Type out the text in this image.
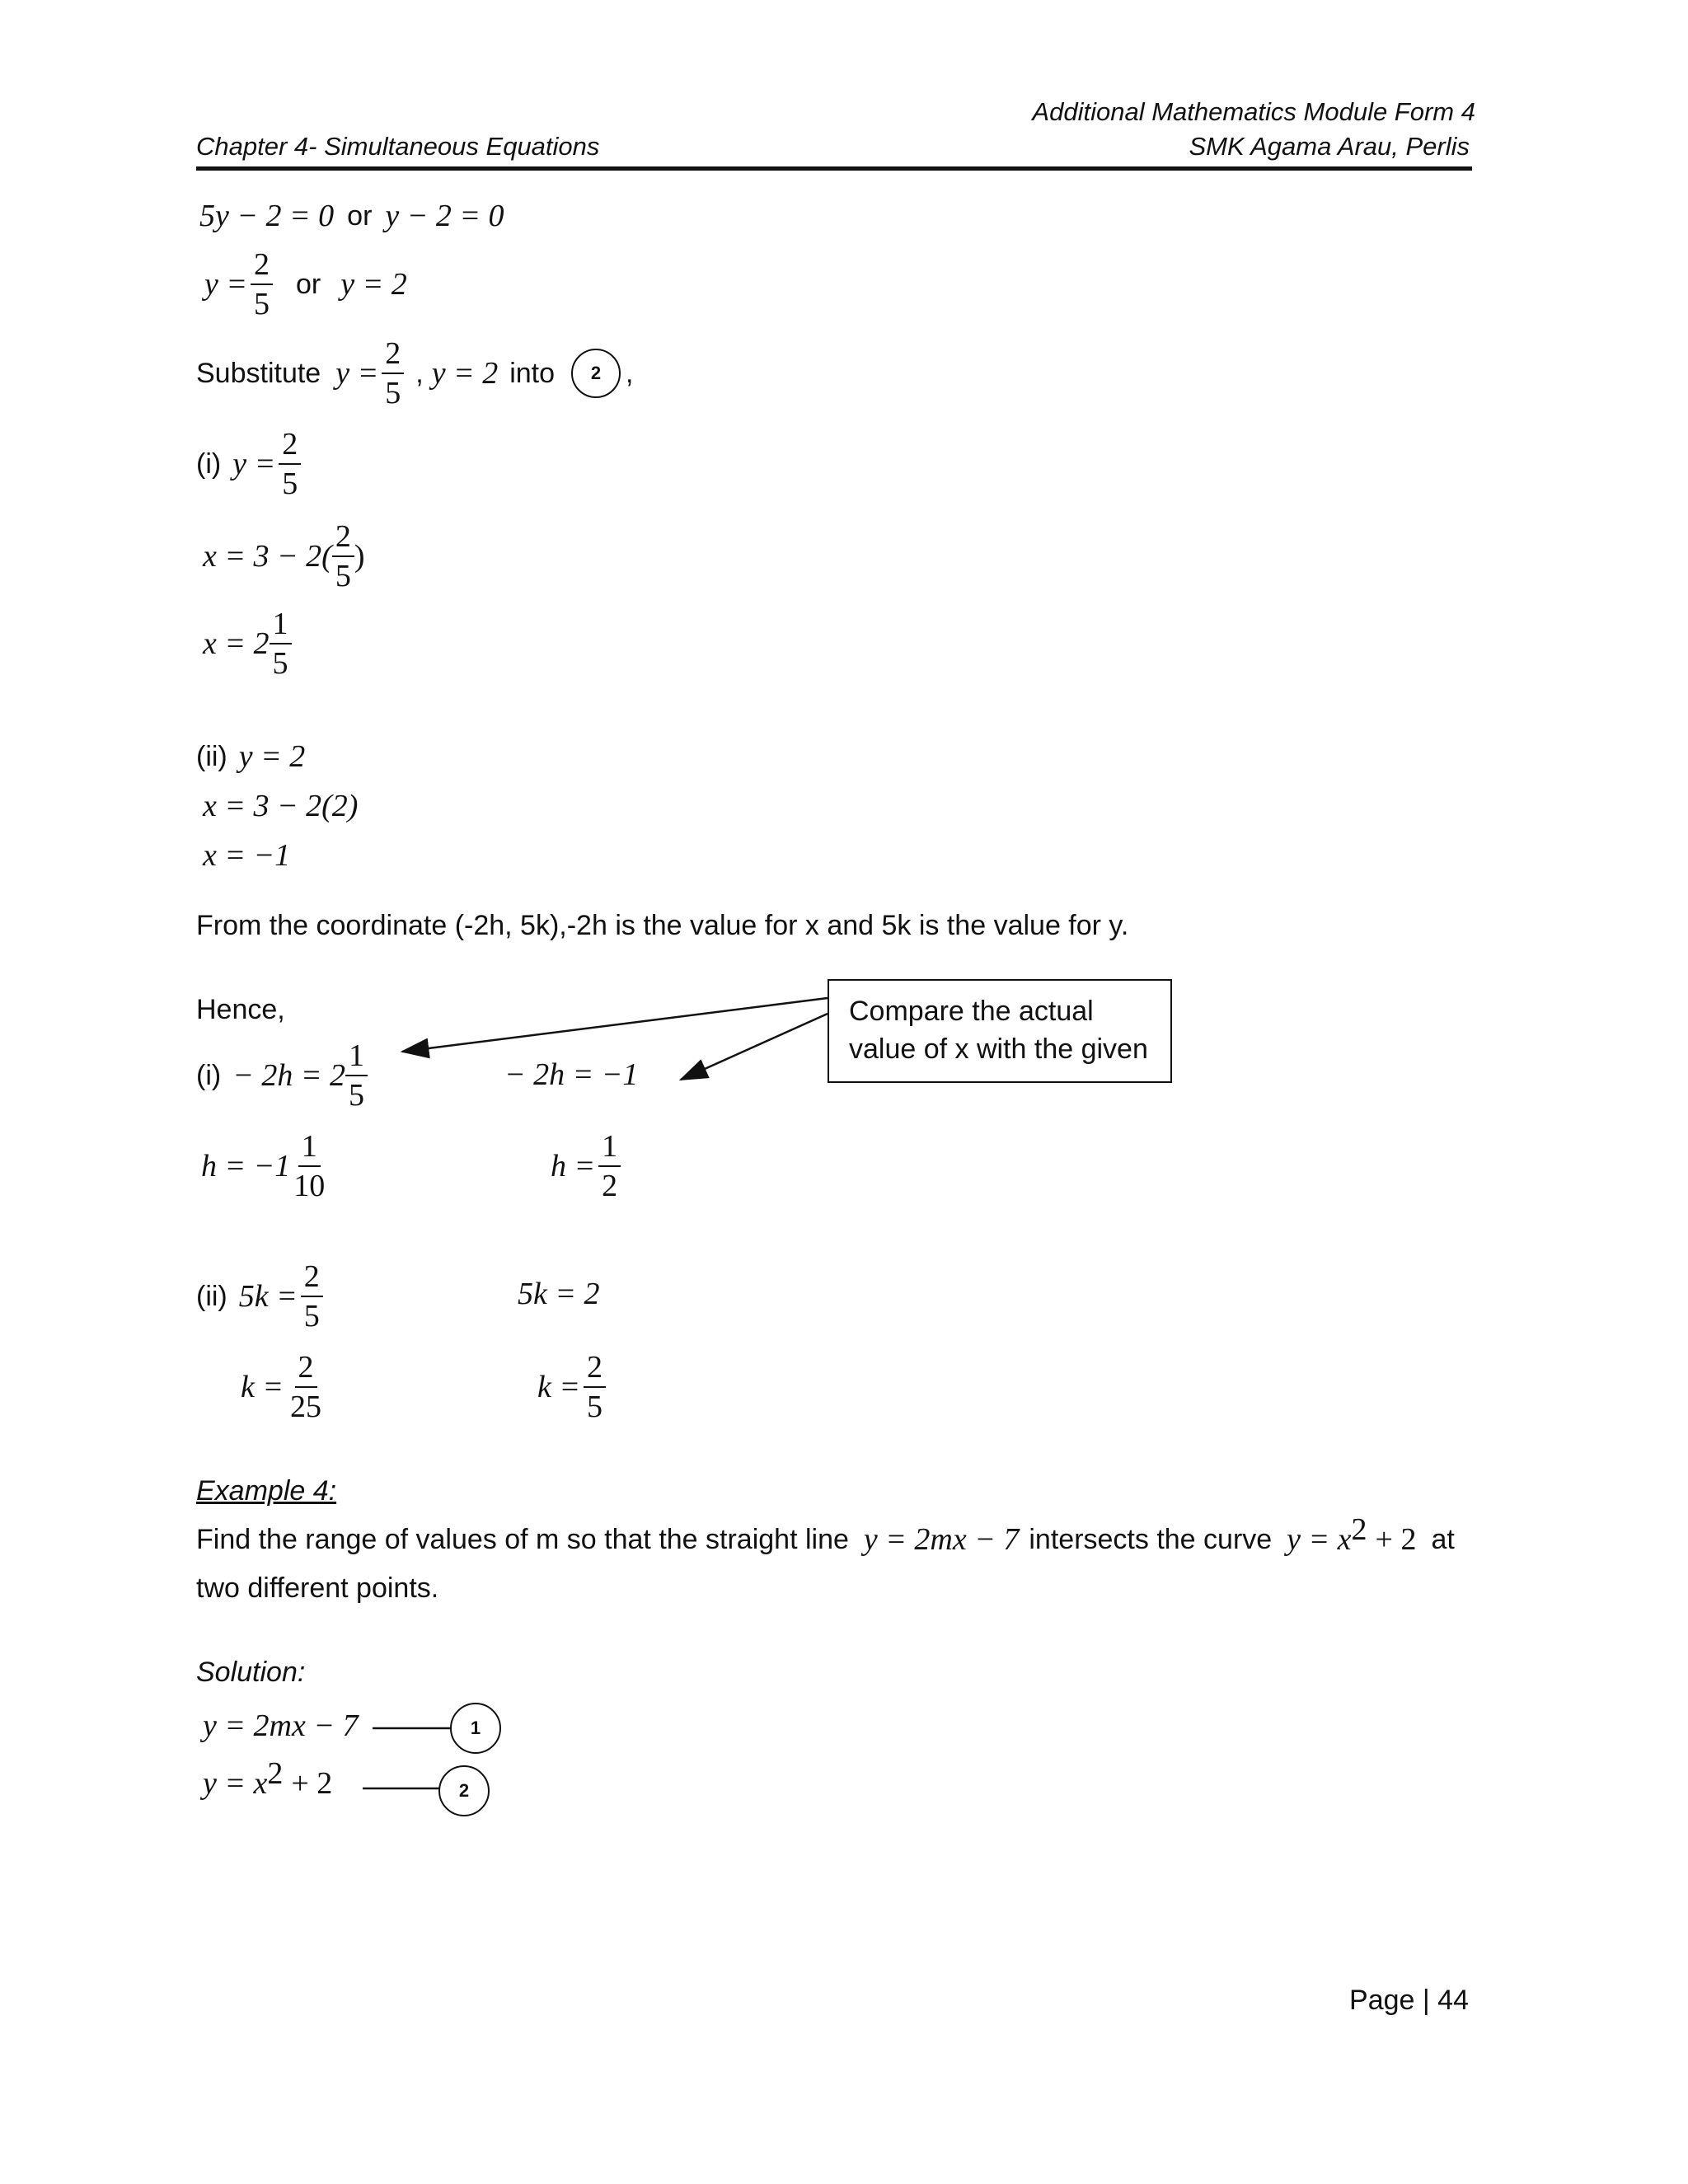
Additional Mathematics Module Form 4
SMK Agama Arau, Perlis
Chapter 4- Simultaneous Equations
5y − 2 = 0 or y − 2 = 0
$y = \frac{2}{5}$ or y = 2
Substitute $y = \frac{2}{5}$ , y = 2 into	2 ,
(i) $y = \frac{2}{5}$
$x = 3 - 2( \frac{2}{5}$ )
$x = 2 \frac{1}{5}$
(ii) y = 2
x = 3 − 2(2)
x = −1
From the coordinate (-2h, 5k),-2h is the value for x and 5k is the value for y.
Hence,	Compare the actual
value of x with the given
$(i) - 2h = 2 \frac{1}{5}$	− 2h = −1
$h = -1 \frac{1}{10}$	$h = \frac{1}{2}$
(ii) $5k = \frac{2}{5}$	5k = 2
$k = \frac{2}{25}$	$k = \frac{2}{5}$
Example 4:
Find the range of values of m so that the straight line y = 2mx − 7 intersects the curve $y = x^2 + 2$ at
two different points.
Solution:
y = 2mx − 7	1
$y = x^2 + 2$	2
Page | 44
